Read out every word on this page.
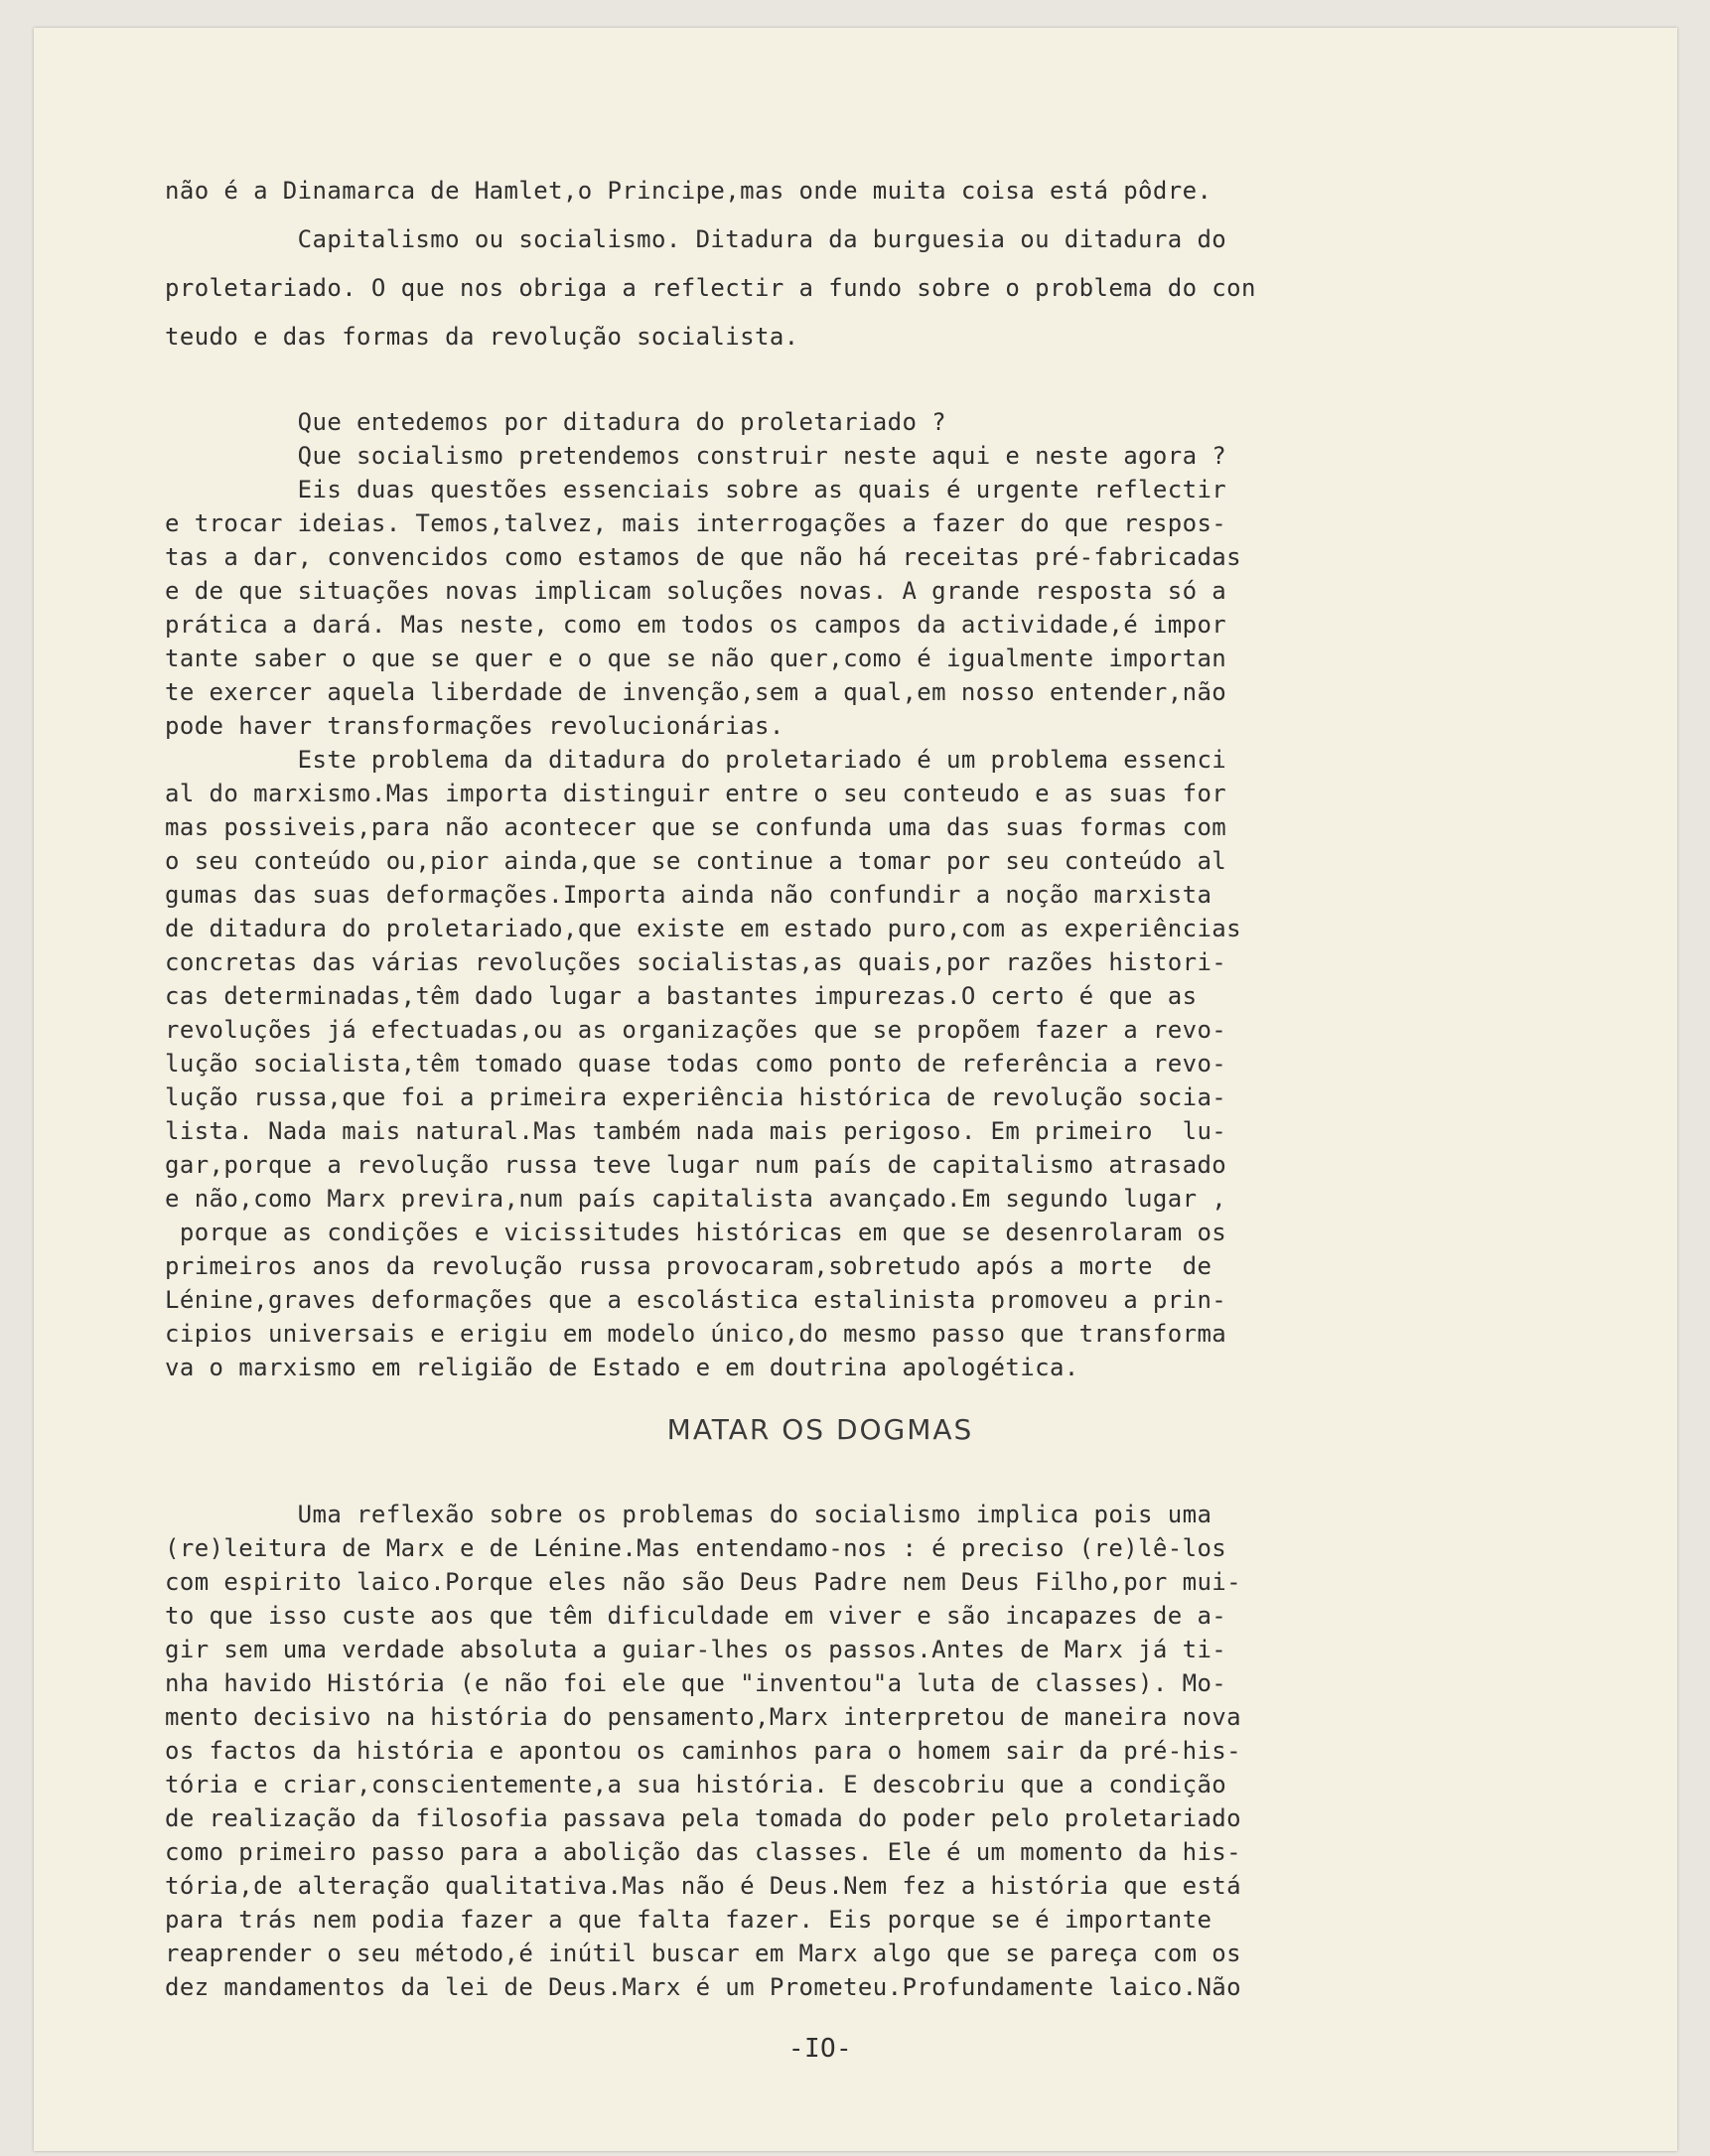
não é a Dinamarca de Hamlet,o Principe,mas onde muita coisa está pôdre.

Capitalismo ou socialismo. Ditadura da burguesia ou ditadura do

proletariado. O que nos obriga a reflectir a fundo sobre o problema do con

teudo e das formas da revolução socialista.

Que entedemos por ditadura do proletariado ?

Que socialismo pretendemos construir neste aqui e neste agora ?

Eis duas questões essenciais sobre as quais é urgente reflectir

e trocar ideias. Temos,talvez, mais interrogações a fazer do que respos-

tas a dar, convencidos como estamos de que não há receitas pré-fabricadas

e de que situações novas implicam soluções novas. A grande resposta só a

prática a dará. Mas neste, como em todos os campos da actividade,é impor

tante saber o que se quer e o que se não quer,como é igualmente importan

te exercer aquela liberdade de invenção,sem a qual,em nosso entender,não

pode haver transformações revolucionárias.

Este problema da ditadura do proletariado é um problema essenci

al do marxismo.Mas importa distinguir entre o seu conteudo e as suas for

mas possiveis,para não acontecer que se confunda uma das suas formas com

o seu conteúdo ou,pior ainda,que se continue a tomar por seu conteúdo al

gumas das suas deformações.Importa ainda não confundir a noção marxista

de ditadura do proletariado,que existe em estado puro,com as experiências

concretas das várias revoluções socialistas,as quais,por razões histori-

cas determinadas,têm dado lugar a bastantes impurezas.O certo é que as

revoluções já efectuadas,ou as organizações que se propõem fazer a revo-

lução socialista,têm tomado quase todas como ponto de referência a revo-

lução russa,que foi a primeira experiência histórica de revolução socia-

lista. Nada mais natural.Mas também nada mais perigoso. Em primeiro  lu-

gar,porque a revolução russa teve lugar num país de capitalismo atrasado

e não,como Marx previra,num país capitalista avançado.Em segundo lugar ,

porque as condições e vicissitudes históricas em que se desenrolaram os

primeiros anos da revolução russa provocaram,sobretudo após a morte  de

Lénine,graves deformações que a escolástica estalinista promoveu a prin-

cipios universais e erigiu em modelo único,do mesmo passo que transforma

va o marxismo em religião de Estado e em doutrina apologética.

MATAR OS DOGMAS

Uma reflexão sobre os problemas do socialismo implica pois uma

(re)leitura de Marx e de Lénine.Mas entendamo-nos : é preciso (re)lê-los

com espirito laico.Porque eles não são Deus Padre nem Deus Filho,por mui-

to que isso custe aos que têm dificuldade em viver e são incapazes de a-

gir sem uma verdade absoluta a guiar-lhes os passos.Antes de Marx já ti-

nha havido História (e não foi ele que "inventou"a luta de classes). Mo-

mento decisivo na história do pensamento,Marx interpretou de maneira nova

os factos da história e apontou os caminhos para o homem sair da pré-his-

tória e criar,conscientemente,a sua história. E descobriu que a condição

de realização da filosofia passava pela tomada do poder pelo proletariado

como primeiro passo para a abolição das classes. Ele é um momento da his-

tória,de alteração qualitativa.Mas não é Deus.Nem fez a história que está

para trás nem podia fazer a que falta fazer. Eis porque se é importante

reaprender o seu método,é inútil buscar em Marx algo que se pareça com os

dez mandamentos da lei de Deus.Marx é um Prometeu.Profundamente laico.Não

-IO-
